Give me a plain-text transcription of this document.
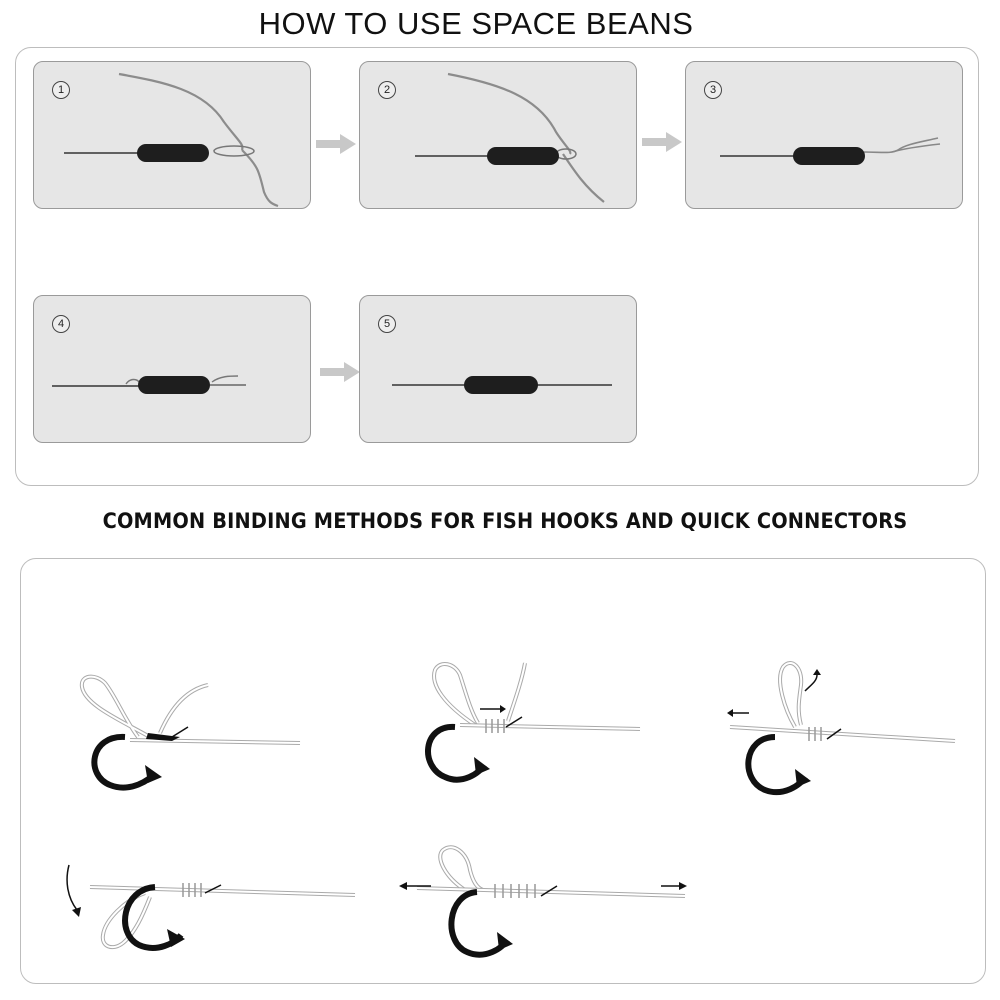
HOW TO USE SPACE BEANS
1	2	3
4	5
COMMON BINDING METHODS FOR FISH HOOKS AND QUICK CONNECTORS
